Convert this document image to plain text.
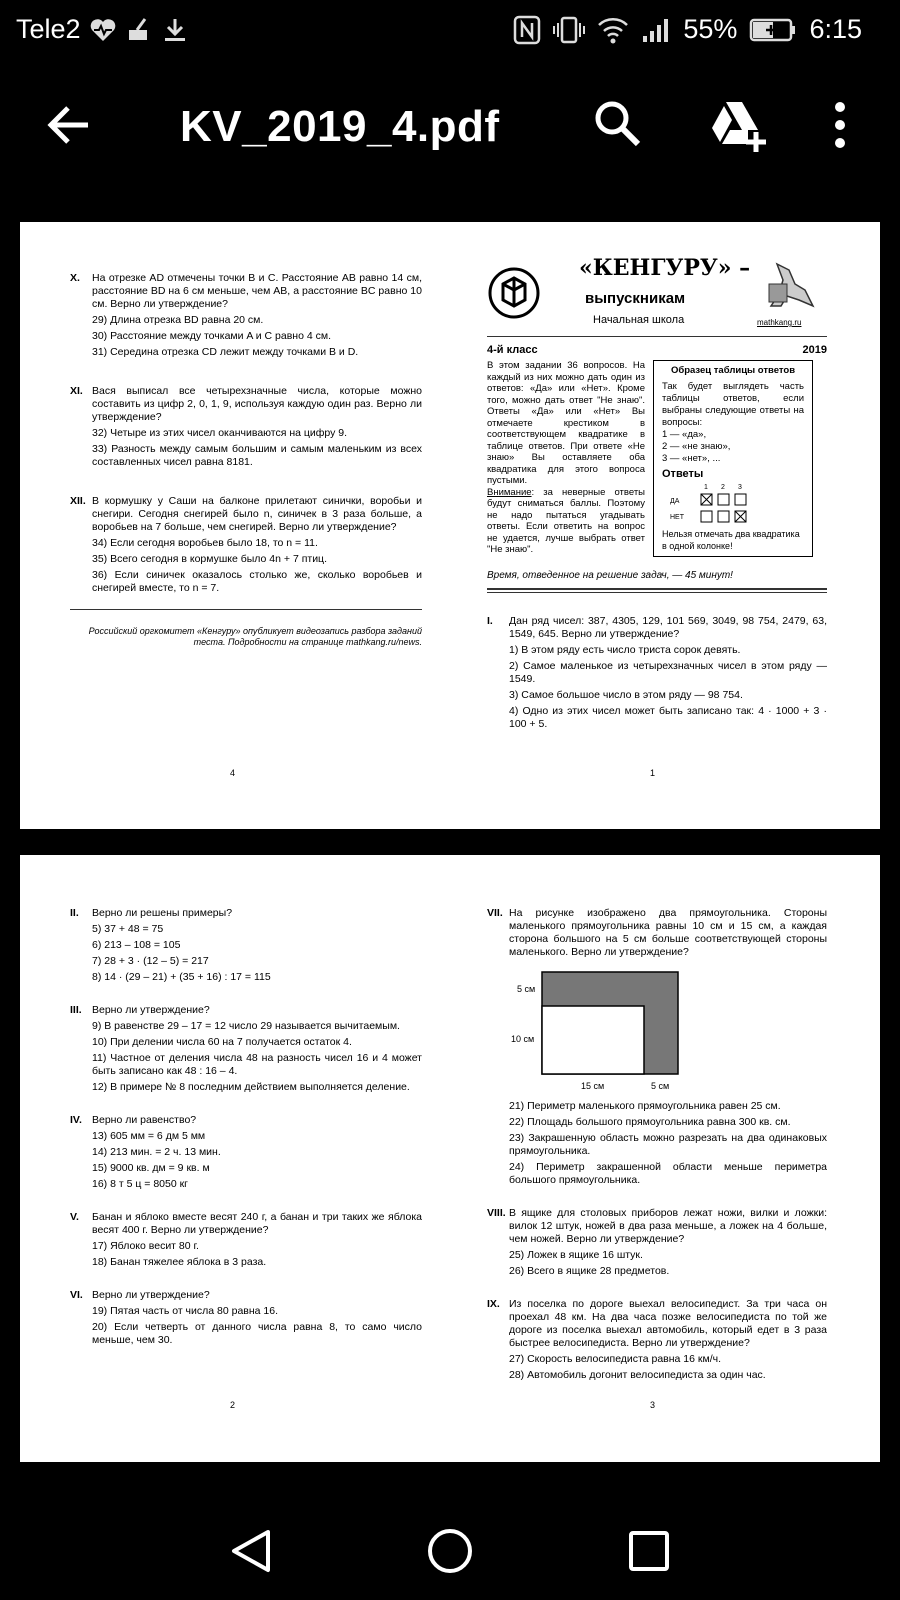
Tele2	55%	6:15
KV_2019_4.pdf
X.	На отрезке AD отмечены точки B и C. Расстояние AB равно 14 см, расстояние BD на 6 см меньше, чем AB, а расстояние BC равно 10 см. Верно ли утверждение?
29) Длина отрезка BD равна 20 см.
30) Расстояние между точками A и C равно 4 см.
31) Середина отрезка CD лежит между точками B и D.
XI. Вася выписал все четырехзначные числа, которые можно составить из цифр 2, 0, 1, 9, используя каждую один раз. Верно ли утверждение?
32) Четыре из этих чисел оканчиваются на цифру 9.
33) Разность между самым большим и самым маленьким из всех составленных чисел равна 8181.
XII. В кормушку у Саши на балконе прилетают синички, воробьи и снегири. Сегодня снегирей было n, синичек в 3 раза больше, а воробьев на 7 больше, чем снегирей. Верно ли утверждение?
34) Если сегодня воробьев было 18, то n = 11.
35) Всего сегодня в кормушке было 4n + 7 птиц.
36) Если синичек оказалось столько же, сколько воробьев и снегирей вместе, то n = 7.
Российский оргкомитет «Кенгуру» опубликует видеозапись разбора заданий теста. Подробности на странице mathkang.ru/news.
4
«КЕНГУРУ» –
выпускникам
Начальная школа	mathkang.ru
4-й класс	2019
В этом задании 36 вопросов. На каждый из них можно дать один из ответов: «Да» или «Нет». Кроме того, можно дать ответ "Не знаю". Ответы «Да» или «Нет» Вы отмечаете крестиком в соответствующем квадратике в таблице ответов. При ответе «Не знаю» Вы оставляете оба квадратика для этого вопроса пустыми.
Внимание: за неверные ответы будут сниматься баллы. Поэтому не надо пытаться угадывать ответы. Если ответить на вопрос не удается, лучше выбрать ответ "Не знаю".
Образец таблицы ответов
Так будет выглядеть часть таблицы ответов, если выбраны следующие ответы на вопросы:
1 — «да»,
2 — «не знаю»,
3 — «нет», ...
Ответы
1 2 3
ДА
НЕТ
Нельзя отмечать два квадратика в одной колонке!
Время, отведенное на решение задач, — 45 минут!
I.	Дан ряд чисел: 387, 4305, 129, 101 569, 3049, 98 754, 2479, 63, 1549, 645. Верно ли утверждение?
1) В этом ряду есть число триста сорок девять.
2) Самое маленькое из четырехзначных чисел в этом ряду — 1549.
3) Самое большое число в этом ряду — 98 754.
4) Одно из этих чисел может быть записано так: 4 · 1000 + 3 · 100 + 5.
1
II.	Верно ли решены примеры?
5) 37 + 48 = 75
6) 213 – 108 = 105
7) 28 + 3 · (12 – 5) = 217
8) 14 · (29 – 21) + (35 + 16) : 17 = 115
III. Верно ли утверждение?
9) В равенстве 29 – 17 = 12 число 29 называется вычитаемым.
10) При делении числа 60 на 7 получается остаток 4.
11) Частное от деления числа 48 на разность чисел 16 и 4 может быть записано как 48 : 16 – 4.
12) В примере № 8 последним действием выполняется деление.
IV. Верно ли равенство?
13) 605 мм = 6 дм 5 мм
14) 213 мин. = 2 ч. 13 мин.
15) 9000 кв. дм = 9 кв. м
16) 8 т 5 ц = 8050 кг
V.	Банан и яблоко вместе весят 240 г, а банан и три таких же яблока весят 400 г. Верно ли утверждение?
17) Яблоко весит 80 г.
18) Банан тяжелее яблока в 3 раза.
VI. Верно ли утверждение?
19) Пятая часть от числа 80 равна 16.
20) Если четверть от данного числа равна 8, то само число меньше, чем 30.
2
VII. На рисунке изображено два прямоугольника. Стороны маленького прямоугольника равны 10 см и 15 см, а каждая сторона большого на 5 см больше соответствующей стороны маленького. Верно ли утверждение?
5 см
10 см
15 см	5 см
21) Периметр маленького прямоугольника равен 25 см.
22) Площадь большого прямоугольника равна 300 кв. см.
23) Закрашенную область можно разрезать на два одинаковых прямоугольника.
24) Периметр закрашенной области меньше периметра большого прямоугольника.
VIII. В ящике для столовых приборов лежат ножи, вилки и ложки: вилок 12 штук, ножей в два раза меньше, а ложек на 4 больше, чем ножей. Верно ли утверждение?
25) Ложек в ящике 16 штук.
26) Всего в ящике 28 предметов.
IX. Из поселка по дороге выехал велосипедист. За три часа он проехал 48 км. На два часа позже велосипедиста по той же дороге из поселка выехал автомобиль, который едет в 3 раза быстрее велосипедиста. Верно ли утверждение?
27) Скорость велосипедиста равна 16 км/ч.
28) Автомобиль догонит велосипедиста за один час.
3
